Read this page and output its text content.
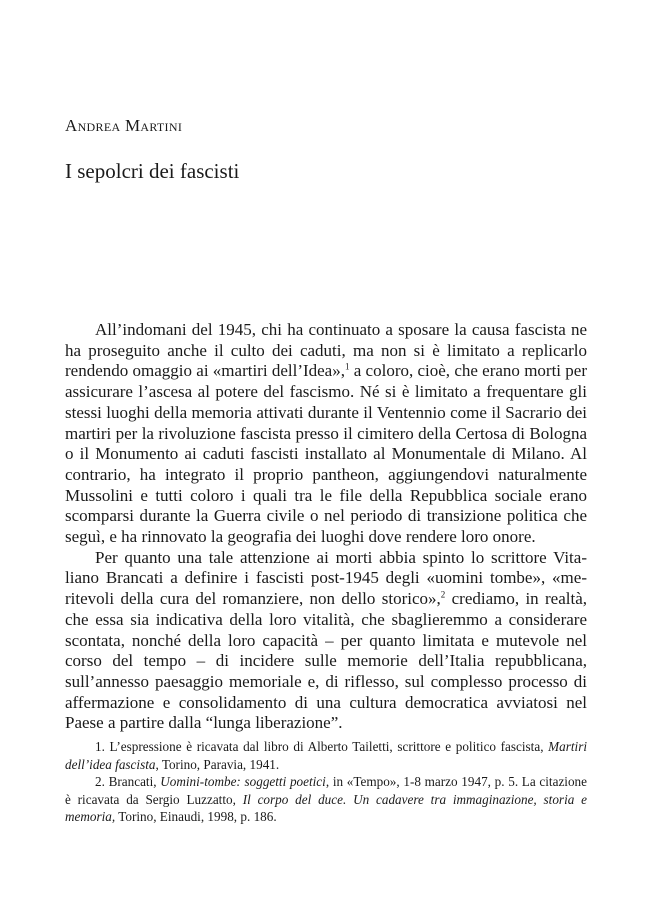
Andrea Martini
I sepolcri dei fascisti

All’indomani del 1945, chi ha continuato a sposare la causa fascista ne ha proseguito anche il culto dei caduti, ma non si è limitato a replicarlo rendendo omaggio ai «martiri dell’Idea»,$^1$ a coloro, cioè, che erano morti per assicurare l’ascesa al potere del fascismo. Né si è limitato a frequentare gli stessi luoghi della memoria attivati durante il Ventennio come il Sacrario dei martiri per la rivoluzione fascista presso il cimitero della Certosa di Bologna o il Monumento ai caduti fascisti installato al Monumentale di Milano. Al contrario, ha integrato il proprio pantheon, aggiungendovi naturalmente Mussolini e tutti coloro i quali tra le file della Repubblica sociale erano scomparsi durante la Guerra civile o nel periodo di transizione politica che seguì, e ha rinnovato la geografia dei luoghi dove rendere loro onore.

Per quanto una tale attenzione ai morti abbia spinto lo scrittore Vitaliano Brancati a definire i fascisti post-1945 degli «uomini tombe», «meritevoli della cura del romanziere, non dello storico»,$^2$ crediamo, in realtà, che essa sia indicativa della loro vitalità, che sbaglieremmo a considerare scontata, nonché della loro capacità – per quanto limitata e mutevole nel corso del tempo – di incidere sulle memorie dell’Italia repubblicana, sull’annesso paesaggio memoriale e, di riflesso, sul complesso processo di affermazione e consolidamento di una cultura democratica avviatosi nel Paese a partire dalla “lunga liberazione”.

1. L’espressione è ricavata dal libro di Alberto Tailetti, scrittore e politico fascista, Martiri dell’idea fascista, Torino, Paravia, 1941.

2. Brancati, Uomini-tombe: soggetti poetici, in «Tempo», 1-8 marzo 1947, p. 5. La citazione è ricavata da Sergio Luzzatto, Il corpo del duce. Un cadavere tra immaginazione, storia e memoria, Torino, Einaudi, 1998, p. 186.
